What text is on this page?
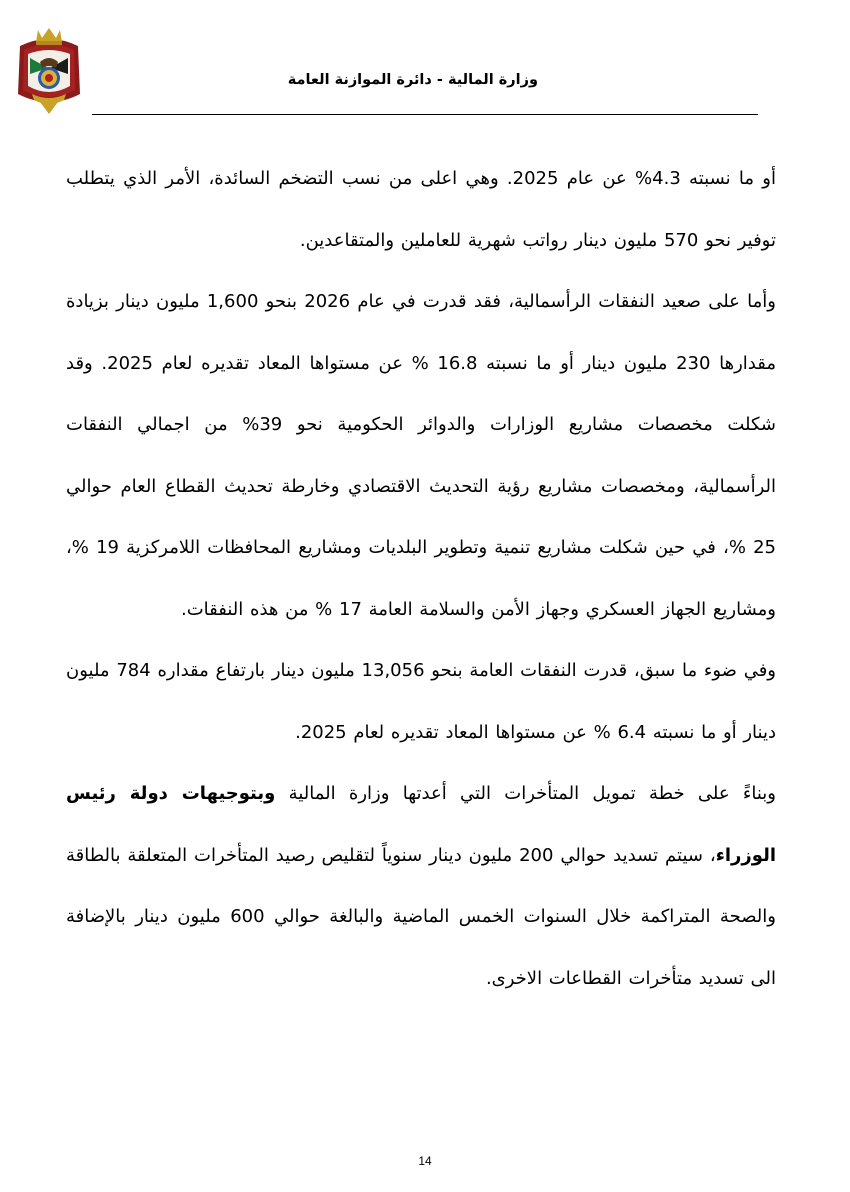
وزارة المالية - دائرة الموازنة العامة

أو ما نسبته 4.3% عن عام 2025. وهي اعلى من نسب التضخم السائدة، الأمر الذي يتطلب توفير نحو 570 مليون دينار رواتب شهرية للعاملين والمتقاعدين.

وأما على صعيد النفقات الرأسمالية، فقد قدرت في عام 2026 بنحو 1,600 مليون دينار بزيادة مقدارها 230 مليون دينار أو ما نسبته 16.8 % عن مستواها المعاد تقديره لعام 2025. وقد شكلت مخصصات مشاريع الوزارات والدوائر الحكومية نحو 39% من اجمالي النفقات الرأسمالية، ومخصصات مشاريع رؤية التحديث الاقتصادي وخارطة تحديث القطاع العام حوالي 25 %، في حين شكلت مشاريع تنمية وتطوير البلديات ومشاريع المحافظات اللامركزية 19 %، ومشاريع الجهاز العسكري وجهاز الأمن والسلامة العامة 17 % من هذه النفقات.

وفي ضوء ما سبق، قدرت النفقات العامة بنحو 13,056 مليون دينار بارتفاع مقداره 784 مليون دينار أو ما نسبته 6.4 % عن مستواها المعاد تقديره لعام 2025.

وبناءً على خطة تمويل المتأخرات التي أعدتها وزارة المالية وبتوجيهات دولة رئيس الوزراء، سيتم تسديد حوالي 200 مليون دينار سنوياً لتقليص رصيد المتأخرات المتعلقة بالطاقة والصحة المتراكمة خلال السنوات الخمس الماضية والبالغة حوالي 600 مليون دينار بالإضافة الى تسديد متأخرات القطاعات الاخرى.

14
